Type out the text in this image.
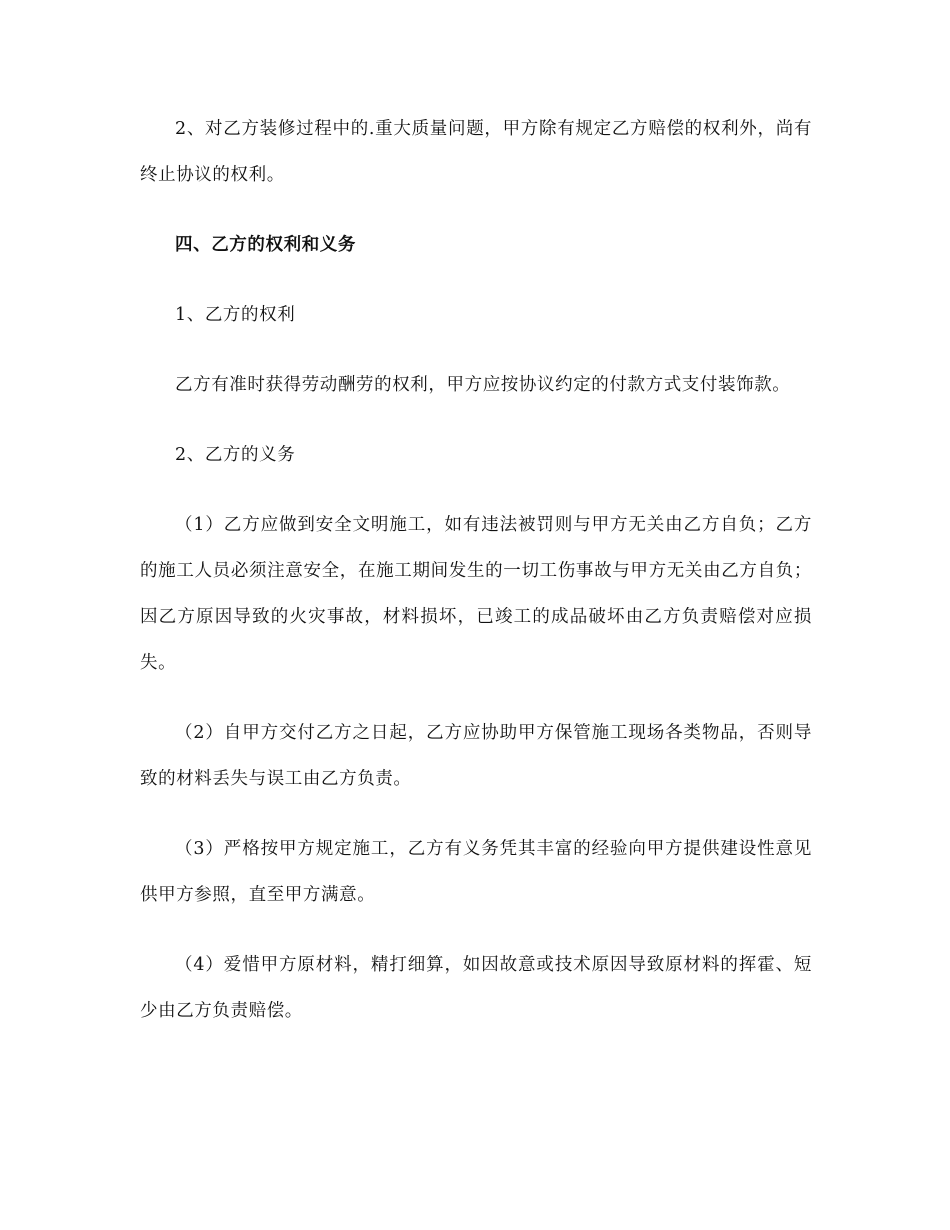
2、对乙方装修过程中的.重大质量问题，甲方除有规定乙方赔偿的权利外，尚有终止协议的权利。

四、乙方的权利和义务

1、乙方的权利

乙方有准时获得劳动酬劳的权利，甲方应按协议约定的付款方式支付装饰款。

2、乙方的义务

（1）乙方应做到安全文明施工，如有违法被罚则与甲方无关由乙方自负；乙方的施工人员必须注意安全，在施工期间发生的一切工伤事故与甲方无关由乙方自负；因乙方原因导致的火灾事故，材料损坏，已竣工的成品破坏由乙方负责赔偿对应损失。

（2）自甲方交付乙方之日起，乙方应协助甲方保管施工现场各类物品，否则导致的材料丢失与误工由乙方负责。

（3）严格按甲方规定施工，乙方有义务凭其丰富的经验向甲方提供建设性意见供甲方参照，直至甲方满意。

（4）爱惜甲方原材料，精打细算，如因故意或技术原因导致原材料的挥霍、短少由乙方负责赔偿。
